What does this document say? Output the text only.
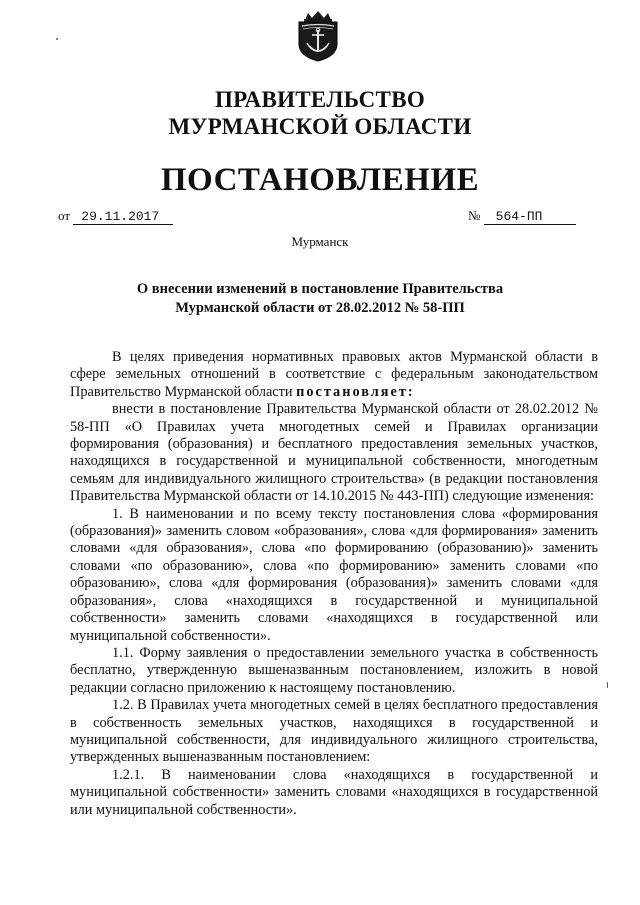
ПРАВИТЕЛЬСТВО
МУРМАНСКОЙ ОБЛАСТИ
ПОСТАНОВЛЕНИЕ
от 29.11.2017	№ 564-ПП
Мурманск
О внесении изменений в постановление Правительства
Мурманской области от 28.02.2012 № 58-ПП

В целях приведения нормативных правовых актов Мурманской области в сфере земельных отношений в соответствие с федеральным законодательством Правительство Мурманской области постановляет:

внести в постановление Правительства Мурманской области от 28.02.2012 № 58-ПП «О Правилах учета многодетных семей и Правилах организации формирования (образования) и бесплатного предоставления земельных участков, находящихся в государственной и муниципальной собственности, многодетным семьям для индивидуального жилищного строительства» (в редакции постановления Правительства Мурманской области от 14.10.2015 № 443-ПП) следующие изменения:

1. В наименовании и по всему тексту постановления слова «формирования (образования)» заменить словом «образования», слова «для формирования» заменить словами «для образования», слова «по формированию (образованию)» заменить словами «по образованию», слова «по формированию» заменить словами «по образованию», слова «для формирования (образования)» заменить словами «для образования», слова «находящихся в государственной и муниципальной собственности» заменить словами «находящихся в государственной или муниципальной собственности».

1.1. Форму заявления о предоставлении земельного участка в собственность бесплатно, утвержденную вышеназванным постановлением, изложить в новой редакции согласно приложению к настоящему постановлению.

1.2. В Правилах учета многодетных семей в целях бесплатного предоставления в собственность земельных участков, находящихся в государственной и муниципальной собственности, для индивидуального жилищного строительства, утвержденных вышеназванным постановлением:

1.2.1. В наименовании слова «находящихся в государственной и муниципальной собственности» заменить словами «находящихся в государственной или муниципальной собственности».
